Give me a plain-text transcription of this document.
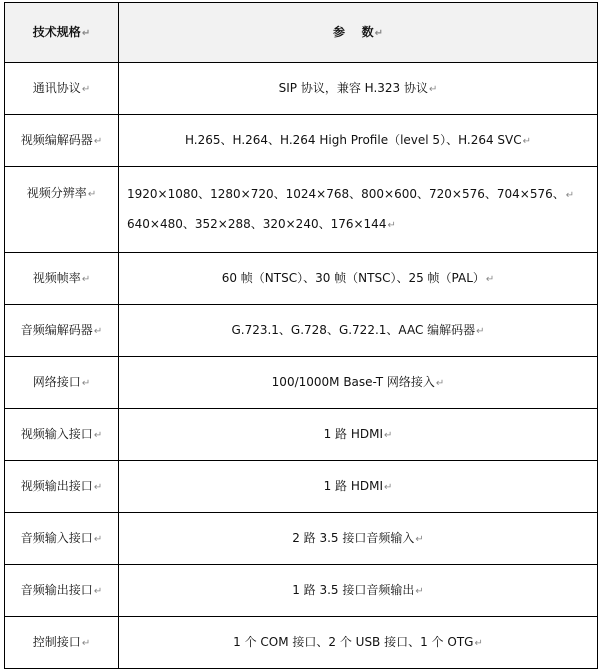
技术规格↵	参    数↵
通讯协议↵	SIP 协议，兼容 H.323 协议↵
视频编解码器↵	H.265、H.264、H.264 High Profile（level 5）、H.264 SVC↵
视频分辨率↵	1920×1080、1280×720、1024×768、800×600、720×576、704×576、↵
640×480、352×288、320×240、176×144↵

视频帧率↵	60 帧（NTSC）、30 帧（NTSC）、25 帧（PAL）↵
音频编解码器↵	G.723.1、G.728、G.722.1、AAC 编解码器↵
网络接口↵	100/1000M Base-T 网络接入↵
视频输入接口↵	1 路 HDMI↵
视频输出接口↵	1 路 HDMI↵
音频输入接口↵	2 路 3.5 接口音频输入↵
音频输出接口↵	1 路 3.5 接口音频输出↵
控制接口↵	1 个 COM 接口、2 个 USB 接口、1 个 OTG↵
